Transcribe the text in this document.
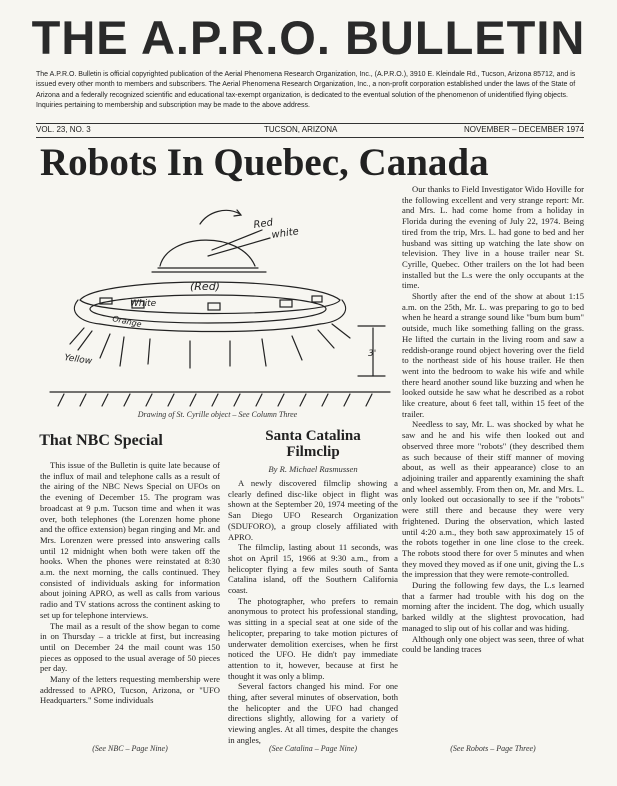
THE A.P.R.O. BULLETIN
The A.P.R.O. Bulletin is official copyrighted publication of the Aerial Phenomena Research Organization, Inc., (A.P.R.O.), 3910 E. Kleindale Rd., Tucson, Arizona 85712, and is issued every other month to members and subscribers. The Aerial Phenomena Research Organization, Inc., a non-profit corporation established under the laws of the State of Arizona and a federally recognized scientific and educational tax-exempt organization, is dedicated to the eventual solution of the phenomenon of unidentified flying objects. Inquiries pertaining to membership and subscription may be made to the above address.
VOL. 23, NO. 3	TUCSON, ARIZONA	NOVEMBER – DECEMBER 1974
Robots In Quebec, Canada
Red
white
(Red)
White
Orange
Yellow	3'
Drawing of St. Cyrille object – See Column Three
That NBC Special

This issue of the Bulletin is quite late because of the influx of mail and telephone calls as a result of the airing of the NBC News Special on UFOs on the evening of December 15. The program was broadcast at 9 p.m. Tucson time and when it was over, both telephones (the Lorenzen home phone and the office extension) began ringing and Mr. and Mrs. Lorenzen were pressed into answering calls until 12 midnight when both were taken off the hooks. When the phones were reinstated at 8:30 a.m. the next morning, the calls continued. They consisted of individuals asking for information about joining APRO, as well as calls from various radio and TV stations across the continent asking to set up for telephone interviews.

The mail as a result of the show began to come in on Thursday – a trickle at first, but increasing until on December 24 the mail count was 150 pieces as opposed to the usual average of 50 pieces per day.

Many of the letters requesting membership were addressed to APRO, Tucson, Arizona, or "UFO Headquarters." Some individuals

(See NBC – Page Nine)
Santa Catalina
Filmclip
By R. Michael Rasmussen

A newly discovered filmclip showing a clearly defined disc-like object in flight was shown at the September 20, 1974 meeting of the San Diego UFO Research Organization (SDUFORO), a group closely affiliated with APRO.

The filmclip, lasting about 11 seconds, was shot on April 15, 1966 at 9:30 a.m., from a helicopter flying a few miles south of Santa Catalina island, off the Southern California coast.

The photographer, who prefers to remain anonymous to protect his professional standing, was sitting in a special seat at one side of the helicopter, preparing to take motion pictures of underwater demolition exercises, when he first noticed the UFO. He didn't pay immediate attention to it, however, because at first he thought it was only a blimp.

Several factors changed his mind. For one thing, after several minutes of observation, both the helicopter and the UFO had changed directions slightly, allowing for a variety of viewing angles. At all times, despite the changes in angles,

(See Catalina – Page Nine)

Our thanks to Field Investigator Wido Hoville for the following excellent and very strange report: Mr. and Mrs. L. had come home from a holiday in Florida during the evening of July 22, 1974. Being tired from the trip, Mrs. L. had gone to bed and her husband was sitting up watching the late show on television. They live in a house trailer near St. Cyrille, Quebec. Other trailers on the lot had been installed but the L.s were the only occupants at the time.

Shortly after the end of the show at about 1:15 a.m. on the 25th, Mr. L. was preparing to go to bed when he heard a strange sound like "bum bum bum" outside, much like something falling on the grass. He lifted the curtain in the living room and saw a reddish-orange round object hovering over the field to the northeast side of his house trailer. He then went into the bedroom to wake his wife and while there heard another sound like buzzing and when he looked outside he saw what he described as a robot like creature, about 6 feet tall, within 15 feet of the trailer.

Needless to say, Mr. L. was shocked by what he saw and he and his wife then looked out and observed three more "robots" (they described them as such because of their stiff manner of moving about, as well as their appearance) close to an adjoining trailer and apparently examining the shaft and wheel assembly. From then on, Mr. and Mrs. L. only looked out occasionally to see if the "robots" were still there and because they were very frightened. During the observation, which lasted until 4:20 a.m., they both saw approximately 15 of the robots together in one line close to the creek. The robots stood there for over 5 minutes and when they moved they moved as if one unit, giving the L.s the impression that they were remote-controlled.

During the following few days, the L.s learned that a farmer had trouble with his dog on the morning after the incident. The dog, which usually barked wildly at the slightest provocation, had managed to slip out of his collar and was hiding.

Although only one object was seen, three of what could be landing traces

(See Robots – Page Three)
